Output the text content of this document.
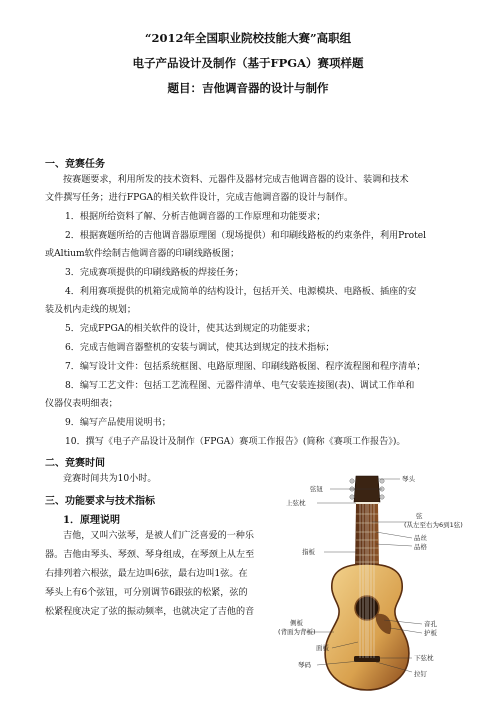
“2012年全国职业院校技能大赛”高职组
电子产品设计及制作（基于FPGA）赛项样题
题目：吉他调音器的设计与制作
一、竞赛任务
按赛题要求，利用所发的技术资料、元器件及器材完成吉他调音器的设计、装调和技术
文件撰写任务；进行FPGA的相关软件设计，完成吉他调音器的设计与制作。
1．根据所给资料了解、分析吉他调音器的工作原理和功能要求；
2．根据赛题所给的吉他调音器原理图（现场提供）和印刷线路板的约束条件，利用Protel
或Altium软件绘制吉他调音器的印刷线路板图；
3．完成赛项提供的印刷线路板的焊接任务；
4．利用赛项提供的机箱完成简单的结构设计，包括开关、电源模块、电路板、插座的安
装及机内走线的规划；
5．完成FPGA的相关软件的设计，使其达到规定的功能要求；
6．完成吉他调音器整机的安装与调试，使其达到规定的技术指标；
7．编写设计文件：包括系统框图、电路原理图、印刷线路板图、程序流程图和程序清单；
8．编写工艺文件：包括工艺流程图、元器件清单、电气安装连接图(表)、调试工作单和
仪器仪表明细表；
9．编写产品使用说明书；
10．撰写《电子产品设计及制作（FPGA）赛项工作报告》(简称《赛项工作报告》)。
二、竞赛时间
竞赛时间共为10小时。
三、功能要求与技术指标
1．原理说明
吉他，又叫六弦琴，是被人们广泛喜爱的一种乐
器。吉他由琴头、琴颈、琴身组成，在琴颈上从左至
右排列着六根弦，最左边叫6弦，最右边叫1弦。在
琴头上有6个弦钮，可分别调节6跟弦的松紧，弦的
松紧程度决定了弦的振动频率，也就决定了吉他的音
琴头
弦钮
上弦枕
弦
(从左至右为6到1弦)
品丝
品格
指板
侧板
(背面为背板)
音孔
护板
面板
下弦枕
琴码
拉钉
